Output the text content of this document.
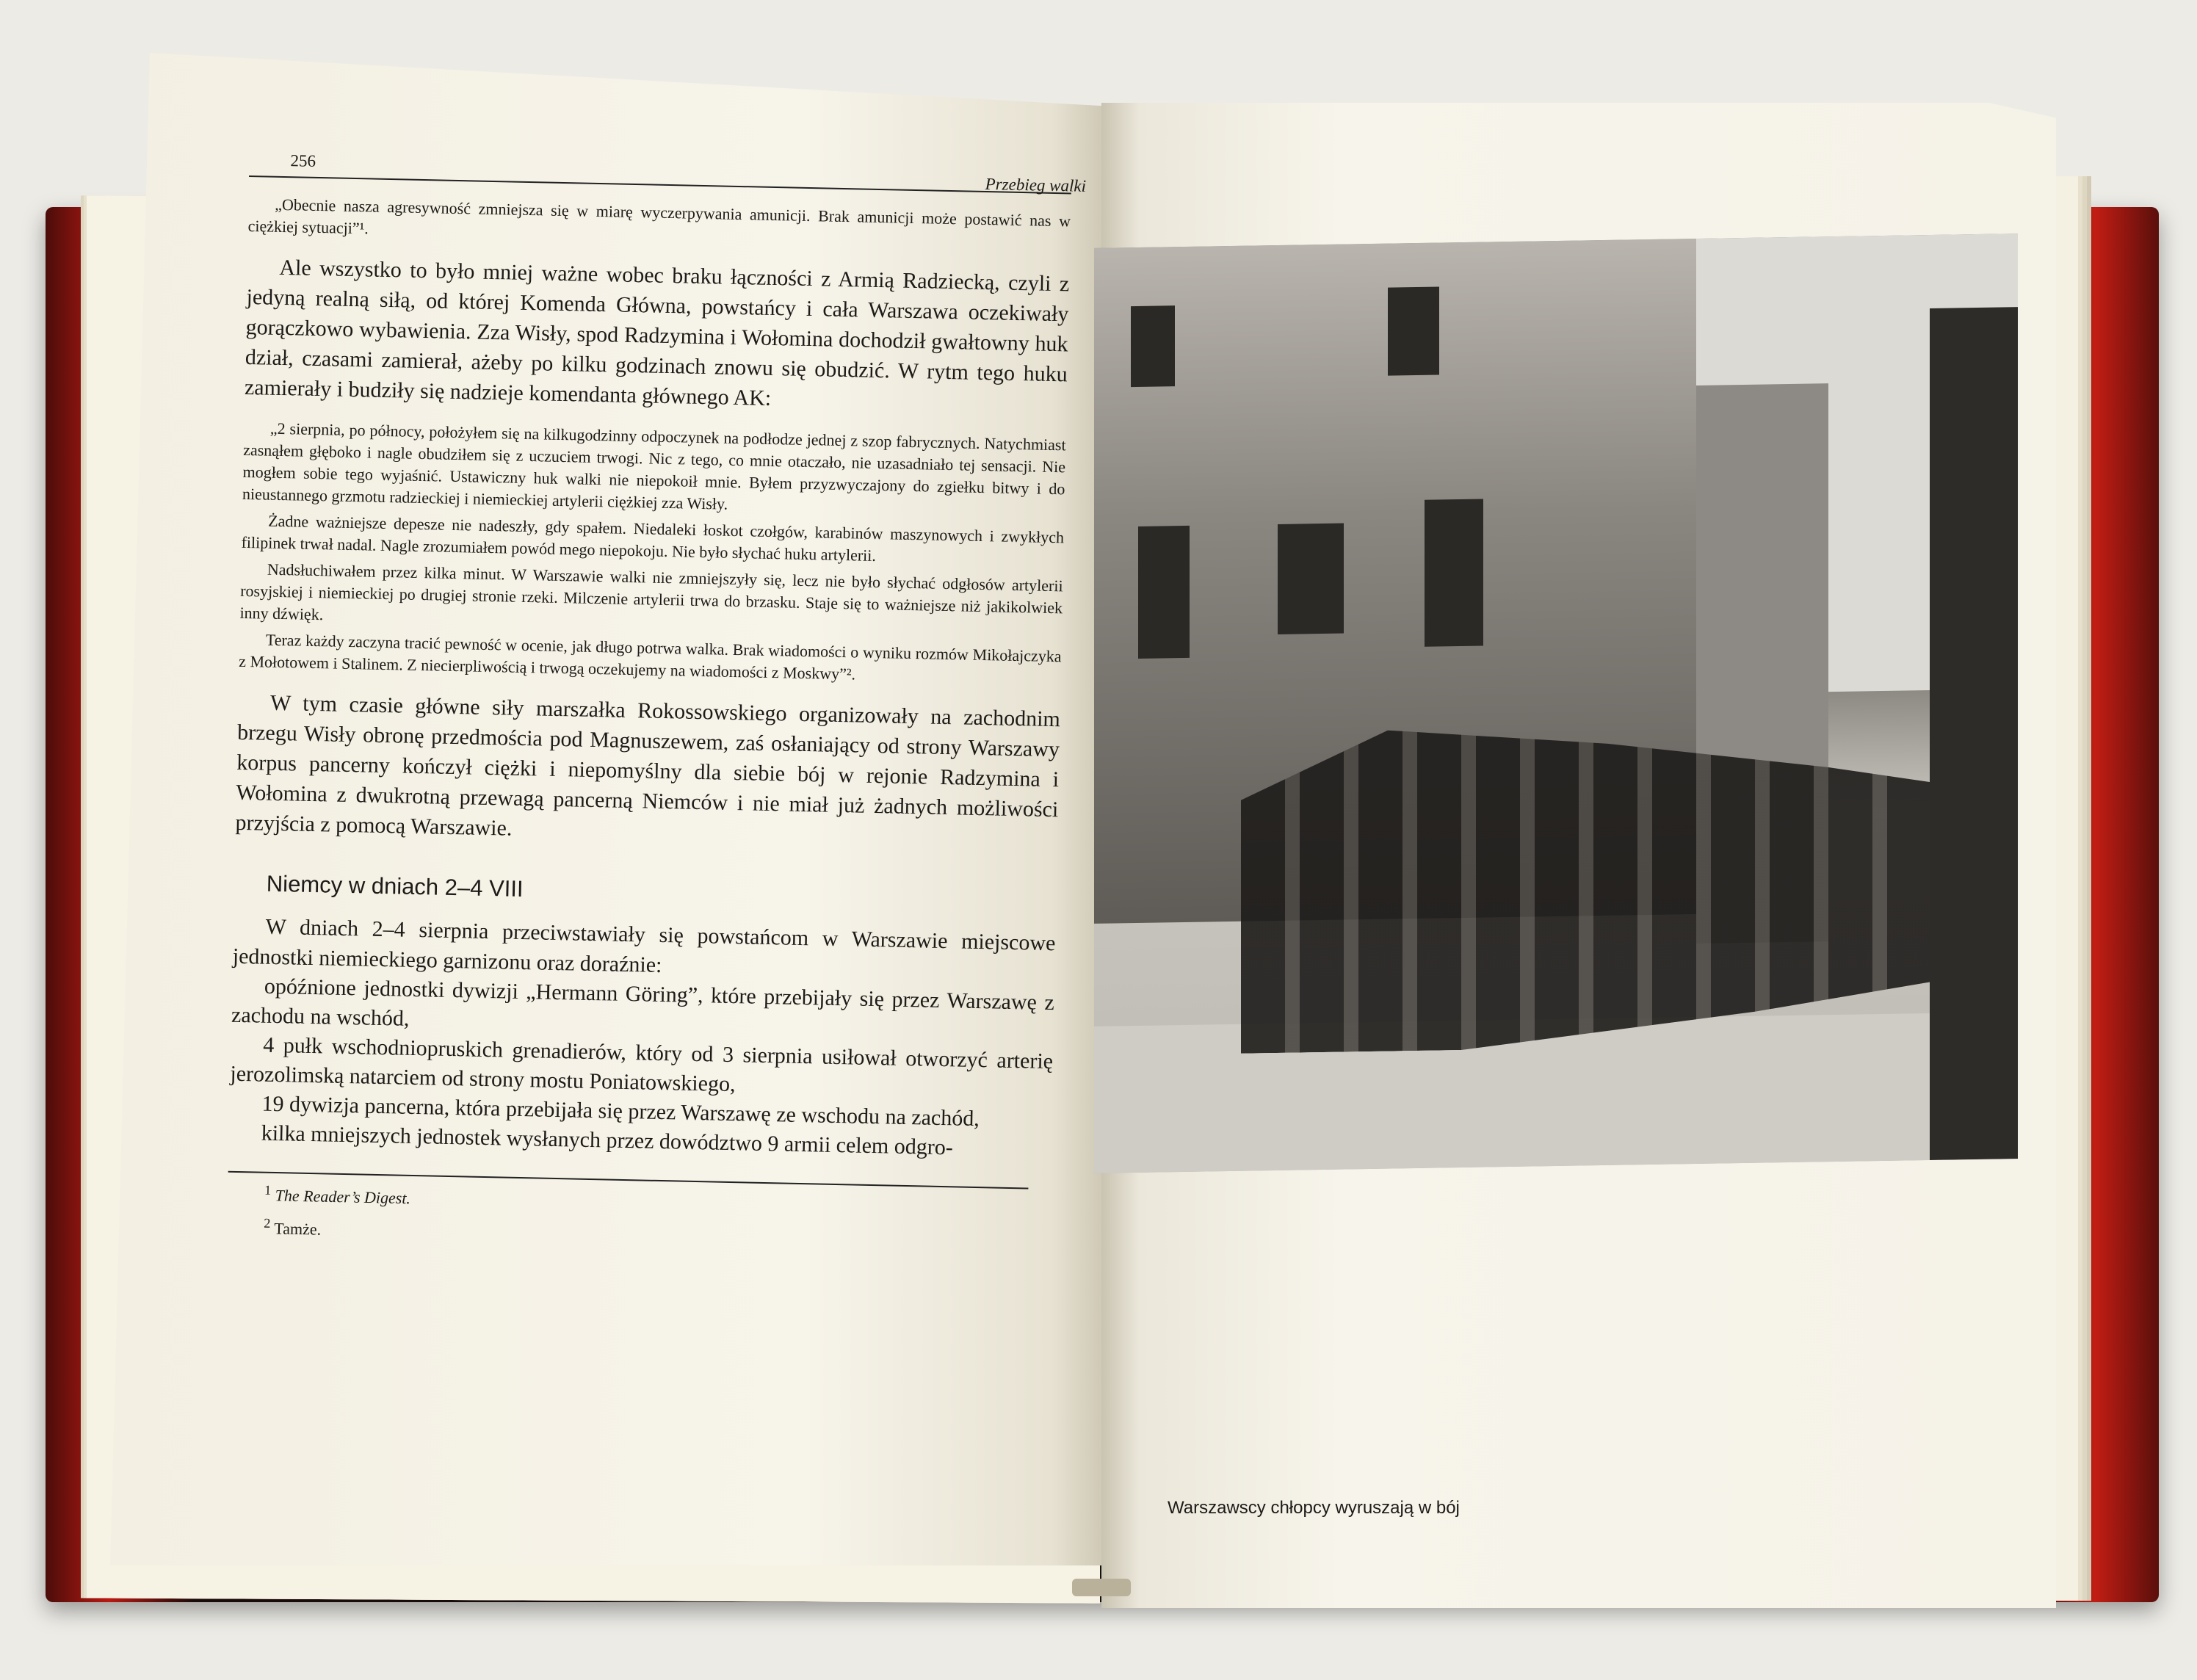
256
Przebieg walki

„Obecnie nasza agresywność zmniejsza się w miarę wyczerpywania amunicji. Brak amunicji może postawić nas w ciężkiej sytuacji”¹.

Ale wszystko to było mniej ważne wobec braku łączności z Armią Radziecką, czyli z jedyną realną siłą, od której Komenda Główna, powstańcy i cała Warszawa oczekiwały gorączkowo wybawienia. Zza Wisły, spod Radzymina i Wołomina dochodził gwałtowny huk dział, czasami zamierał, ażeby po kilku godzinach znowu się obudzić. W rytm tego huku zamierały i budziły się nadzieje komendanta głównego AK:

„2 sierpnia, po północy, położyłem się na kilkugodzinny odpoczynek na podłodze jednej z szop fabrycznych. Natychmiast zasnąłem głęboko i nagle obudziłem się z uczuciem trwogi. Nic z tego, co mnie otaczało, nie uzasadniało tej sensacji. Nie mogłem sobie tego wyjaśnić. Ustawiczny huk walki nie niepokoił mnie. Byłem przyzwyczajony do zgiełku bitwy i do nieustannego grzmotu radzieckiej i niemieckiej artylerii ciężkiej zza Wisły.

Żadne ważniejsze depesze nie nadeszły, gdy spałem. Niedaleki łoskot czołgów, karabinów maszynowych i zwykłych filipinek trwał nadal. Nagle zrozumiałem powód mego niepokoju. Nie było słychać huku artylerii.

Nadsłuchiwałem przez kilka minut. W Warszawie walki nie zmniejszyły się, lecz nie było słychać odgłosów artylerii rosyjskiej i niemieckiej po drugiej stronie rzeki. Milczenie artylerii trwa do brzasku. Staje się to ważniejsze niż jakikolwiek inny dźwięk.

Teraz każdy zaczyna tracić pewność w ocenie, jak długo potrwa walka. Brak wiadomości o wyniku rozmów Mikołajczyka z Mołotowem i Stalinem. Z niecierpliwością i trwogą oczekujemy na wiadomości z Moskwy”².

W tym czasie główne siły marszałka Rokossowskiego organizowały na zachodnim brzegu Wisły obronę przedmościa pod Magnuszewem, zaś osłaniający od strony Warszawy korpus pancerny kończył ciężki i niepomyślny dla siebie bój w rejonie Radzymina i Wołomina z dwukrotną przewagą pancerną Niemców i nie miał już żadnych możliwości przyjścia z pomocą Warszawie.

Niemcy w dniach 2–4 VIII

W dniach 2–4 sierpnia przeciwstawiały się powstańcom w Warszawie miejscowe jednostki niemieckiego garnizonu oraz doraźnie:

opóźnione jednostki dywizji „Hermann Göring”, które przebijały się przez Warszawę z zachodu na wschód,

4 pułk wschodniopruskich grenadierów, który od 3 sierpnia usiłował otworzyć arterię jerozolimską natarciem od strony mostu Poniatowskiego,

19 dywizja pancerna, która przebijała się przez Warszawę ze wschodu na zachód,

kilka mniejszych jednostek wysłanych przez dowództwo 9 armii celem odgro-

$^1$ The Reader’s Digest.

$^2$ Tamże.

Warszawscy chłopcy wyruszają w bój
